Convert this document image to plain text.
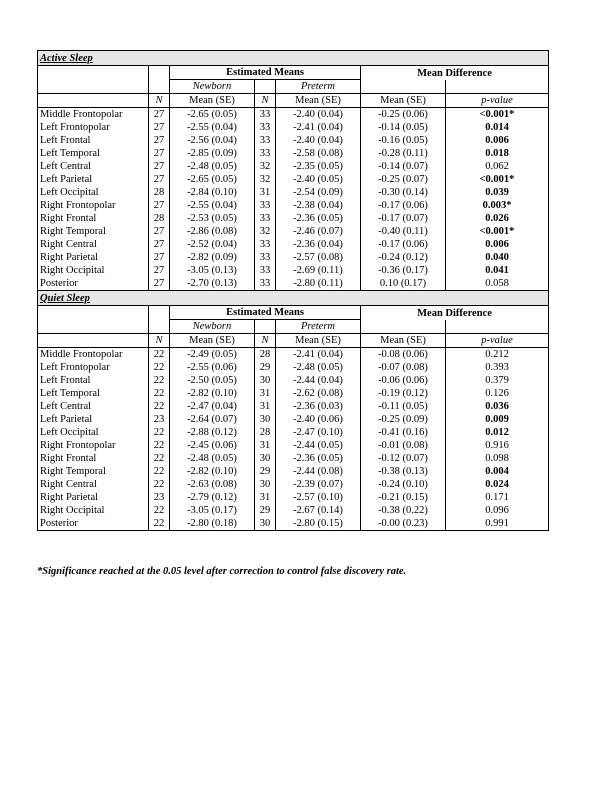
Active Sleep						
		Estimated Means			Mean Difference	
		Newborn		Preterm		
	N	Mean (SE)	N	Mean (SE)	Mean (SE)	p-value
Middle Frontopolar	27	-2.65 (0.05)	33	-2.40 (0.04)	-0.25 (0.06)	<0.001*
Left Frontopolar	27	-2.55 (0.04)	33	-2.41 (0.04)	-0.14 (0.05)	0.014
Left Frontal	27	-2.56 (0.04)	33	-2.40 (0.04)	-0.16 (0.05)	0.006
Left Temporal	27	-2.85 (0.09)	33	-2.58 (0.08)	-0.28 (0.11)	0.018
Left Central	27	-2.48 (0.05)	32	-2.35 (0.05)	-0.14 (0.07)	0.062
Left Parietal	27	-2.65 (0.05)	32	-2.40 (0.05)	-0.25 (0.07)	<0.001*
Left Occipital	28	-2.84 (0.10)	31	-2.54 (0.09)	-0.30 (0.14)	0.039
Right Frontopolar	27	-2.55 (0.04)	33	-2.38 (0.04)	-0.17 (0.06)	0.003*
Right Frontal	28	-2.53 (0.05)	33	-2.36 (0.05)	-0.17 (0.07)	0.026
Right Temporal	27	-2.86 (0.08)	32	-2.46 (0.07)	-0.40 (0.11)	<0.001*
Right Central	27	-2.52 (0.04)	33	-2.36 (0.04)	-0.17 (0.06)	0.006
Right Parietal	27	-2.82 (0.09)	33	-2.57 (0.08)	-0.24 (0.12)	0.040
Right Occipital	27	-3.05 (0.13)	33	-2.69 (0.11)	-0.36 (0.17)	0.041
Posterior	27	-2.70 (0.13)	33	-2.80 (0.11)	0.10 (0.17)	0.058
Quiet Sleep						
		Estimated Means			Mean Difference	
		Newborn		Preterm		
	N	Mean (SE)	N	Mean (SE)	Mean (SE)	p-value
Middle Frontopolar	22	-2.49 (0.05)	28	-2.41 (0.04)	-0.08 (0.06)	0.212
Left Frontopolar	22	-2.55 (0.06)	29	-2.48 (0.05)	-0.07 (0.08)	0.393
Left Frontal	22	-2.50 (0.05)	30	-2.44 (0.04)	-0.06 (0.06)	0.379
Left Temporal	22	-2.82 (0.10)	31	-2.62 (0.08)	-0.19 (0.12)	0.126
Left Central	22	-2.47 (0.04)	31	-2.36 (0.03)	-0.11 (0.05)	0.036
Left Parietal	23	-2.64 (0.07)	30	-2.40 (0.06)	-0.25 (0.09)	0.009
Left Occipital	22	-2.88 (0.12)	28	-2.47 (0.10)	-0.41 (0.16)	0.012
Right Frontopolar	22	-2.45 (0.06)	31	-2.44 (0.05)	-0.01 (0.08)	0.916
Right Frontal	22	-2.48 (0.05)	30	-2.36 (0.05)	-0.12 (0.07)	0.098
Right Temporal	22	-2.82 (0.10)	29	-2.44 (0.08)	-0.38 (0.13)	0.004
Right Central	22	-2.63 (0.08)	30	-2.39 (0.07)	-0.24 (0.10)	0.024
Right Parietal	23	-2.79 (0.12)	31	-2.57 (0.10)	-0.21 (0.15)	0.171
Right Occipital	22	-3.05 (0.17)	29	-2.67 (0.14)	-0.38 (0.22)	0.096
Posterior	22	-2.80 (0.18)	30	-2.80 (0.15)	-0.00 (0.23)	0.991
*Significance reached at the 0.05 level after correction to control false discovery rate.
